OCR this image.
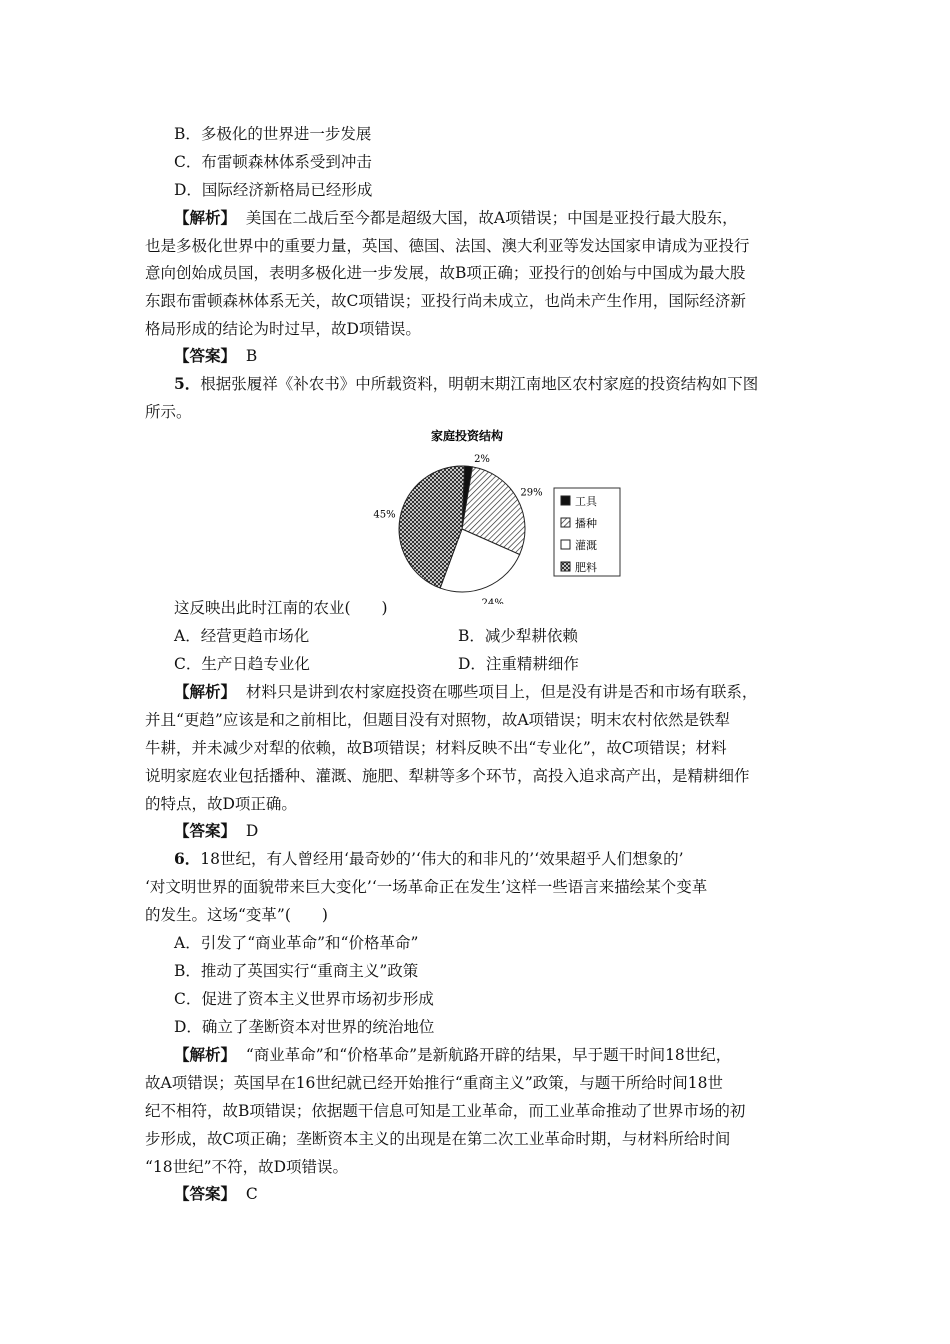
B．多极化的世界进一步发展
C．布雷顿森林体系受到冲击
D．国际经济新格局已经形成
【解析】 美国在二战后至今都是超级大国，故A项错误；中国是亚投行最大股东，
也是多极化世界中的重要力量，英国、德国、法国、澳大利亚等发达国家申请成为亚投行
意向创始成员国，表明多极化进一步发展，故B项正确；亚投行的创始与中国成为最大股
东跟布雷顿森林体系无关，故C项错误；亚投行尚未成立，也尚未产生作用，国际经济新
格局形成的结论为时过早，故D项错误。
【答案】 B
5．根据张履祥《补农书》中所载资料，明朝末期江南地区农村家庭的投资结构如下图
所示。
家庭投资结构
2%
29%
24%
45%
工具
播种
灌溉
肥料
这反映出此时江南的农业(　　)
A．经营更趋市场化	B．减少犁耕依赖
C．生产日趋专业化	D．注重精耕细作
【解析】 材料只是讲到农村家庭投资在哪些项目上，但是没有讲是否和市场有联系，
并且“更趋”应该是和之前相比，但题目没有对照物，故A项错误；明末农村依然是铁犁
牛耕，并未减少对犁的依赖，故B项错误；材料反映不出“专业化”，故C项错误；材料
说明家庭农业包括播种、灌溉、施肥、犁耕等多个环节，高投入追求高产出，是精耕细作
的特点，故D项正确。
【答案】 D
6．18世纪，有人曾经用‘最奇妙的’‘伟大的和非凡的’‘效果超乎人们想象的’
‘对文明世界的面貌带来巨大变化’‘一场革命正在发生’这样一些语言来描绘某个变革
的发生。这场“变革”(　　)
A．引发了“商业革命”和“价格革命”
B．推动了英国实行“重商主义”政策
C．促进了资本主义世界市场初步形成
D．确立了垄断资本对世界的统治地位
【解析】 “商业革命”和“价格革命”是新航路开辟的结果，早于题干时间18世纪，
故A项错误；英国早在16世纪就已经开始推行“重商主义”政策，与题干所给时间18世
纪不相符，故B项错误；依据题干信息可知是工业革命，而工业革命推动了世界市场的初
步形成，故C项正确；垄断资本主义的出现是在第二次工业革命时期，与材料所给时间
“18世纪”不符，故D项错误。
【答案】 C
